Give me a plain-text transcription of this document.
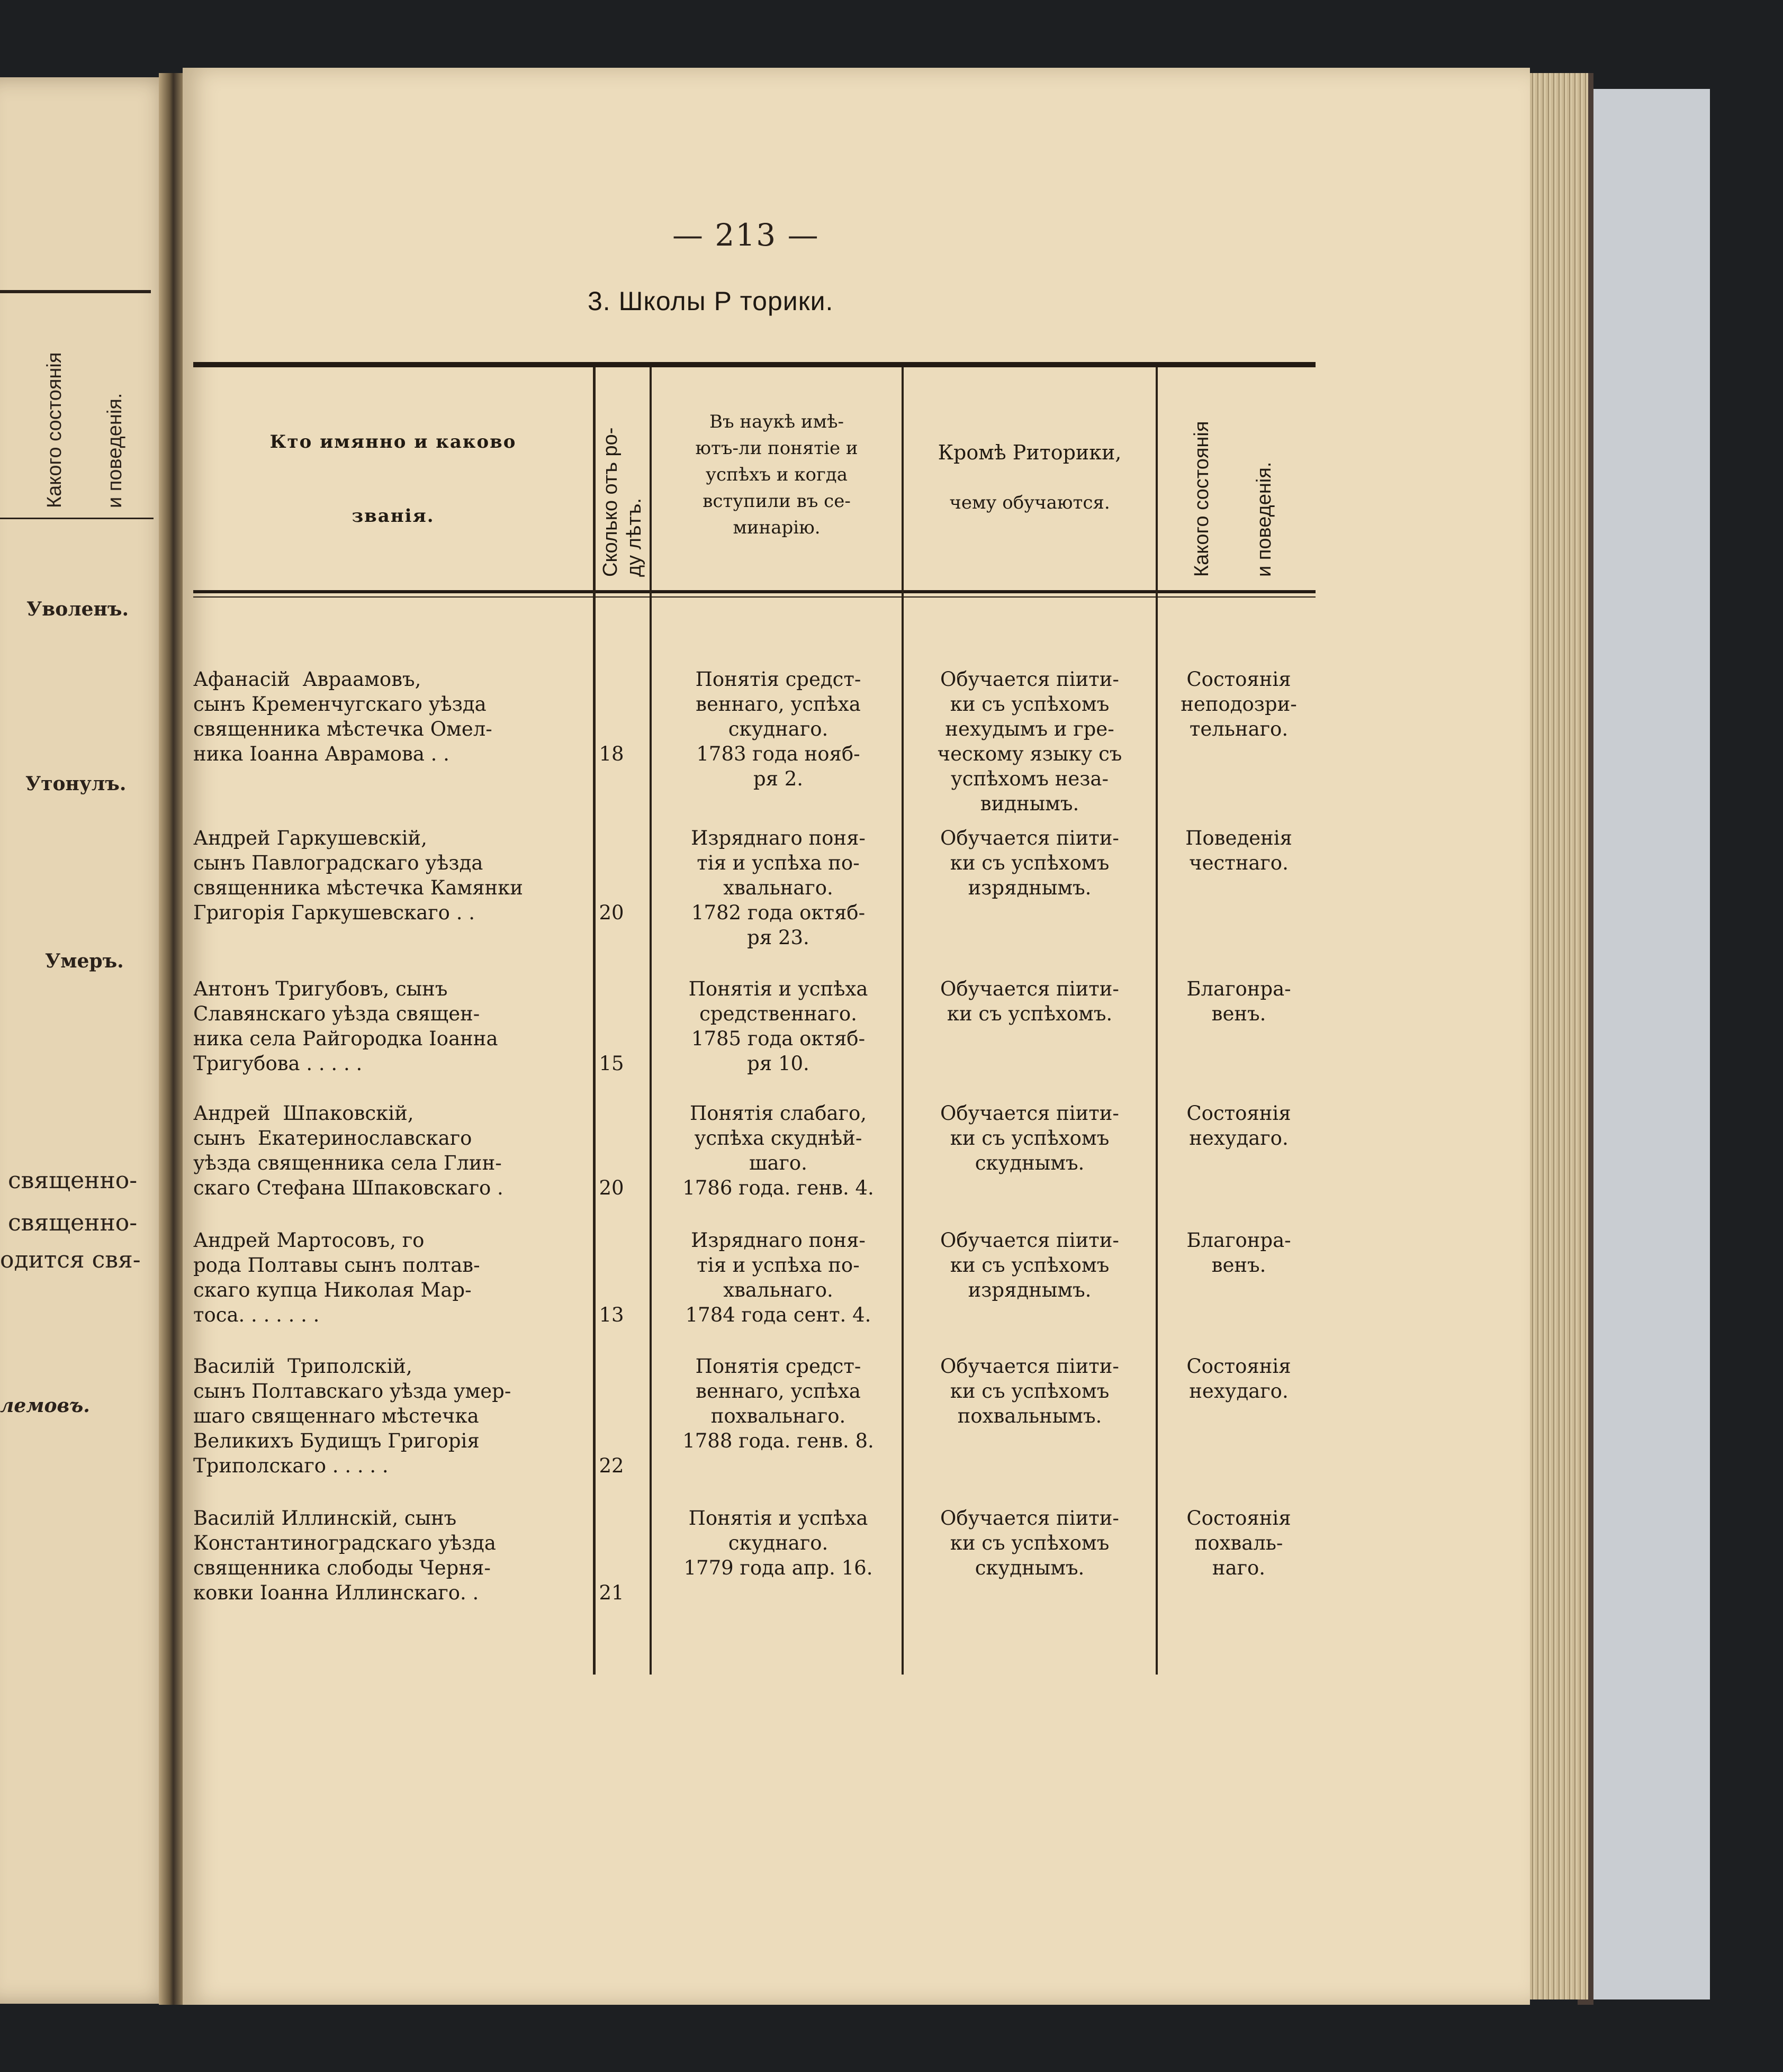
Какого состоянія и поведенія.
Уволенъ.
Утонулъ.
Умеръ.
священно-
священно-
одится свя-
лемовъ.
— 213 —
3. Школы Р торики.
Кто имянно и каково
званія.	Сколько отъ ро- ду лѣтъ.
Въ наукѣ имѣ-
ютъ-ли понятіе и
успѣхъ и когда
вступили въ се-
минарію.
Кромѣ Риторики,
чему обучаются.	Какого состоянія и поведенія.
Афанасій  Авраамовъ,
сынъ Кременчугскаго уѣзда
священника мѣстечка Омел-
ника Іоанна Аврамова . .
Понятія средст-
веннаго, успѣха
скуднаго.
1783 года нояб-
ря 2.
Обучается піити-
ки съ успѣхомъ
нехудымъ и гре-
ческому языку съ
успѣхомъ неза-
виднымъ.
Состоянія
неподозри-
тельнаго.
18
Андрей Гаркушевскій,
сынъ Павлоградскаго уѣзда
священника мѣстечка Камянки
Григорія Гаркушевскаго . .
Изряднаго поня-
тія и успѣха по-
хвальнаго.
1782 года октяб-
ря 23.
Обучается піити-
ки съ успѣхомъ
изряднымъ.
Поведенія
честнаго.
20
Антонъ Тригубовъ, сынъ
Славянскаго уѣзда священ-
ника села Райгородка Іоанна
Тригубова . . . . .
Понятія и успѣха
средственнаго.
1785 года октяб-
ря 10.
Обучается піити-
ки съ успѣхомъ.
Благонра-
венъ.
15
Андрей  Шпаковскій,
сынъ  Екатеринославскаго
уѣзда священника села Глин-
скаго Стефана Шпаковскаго .
Понятія слабаго,
успѣха скуднѣй-
шаго.
1786 года. генв. 4.
Обучается піити-
ки съ успѣхомъ
скуднымъ.
Состоянія
нехудаго.
20
Андрей Мартосовъ, го
рода Полтавы сынъ полтав-
скаго купца Николая Мар-
тоса. . . . . . .
Изряднаго поня-
тія и успѣха по-
хвальнаго.
1784 года сент. 4.
Обучается піити-
ки съ успѣхомъ
изряднымъ.
Благонра-
венъ.
13
Василій  Триполскій,
сынъ Полтавскаго уѣзда умер-
шаго священнаго мѣстечка
Великихъ Будищъ Григорія
Триполскаго . . . . .
Понятія средст-
веннаго, успѣха
похвальнаго.
1788 года. генв. 8.
Обучается піити-
ки съ успѣхомъ
похвальнымъ.
Состоянія
нехудаго.
22
Василій Иллинскій, сынъ
Константиноградскаго уѣзда
священника слободы Черня-
ковки Іоанна Иллинскаго. .
Понятія и успѣха
скуднаго.
1779 года апр. 16.
Обучается піити-
ки съ успѣхомъ
скуднымъ.
Состоянія
похваль-
наго.
21
